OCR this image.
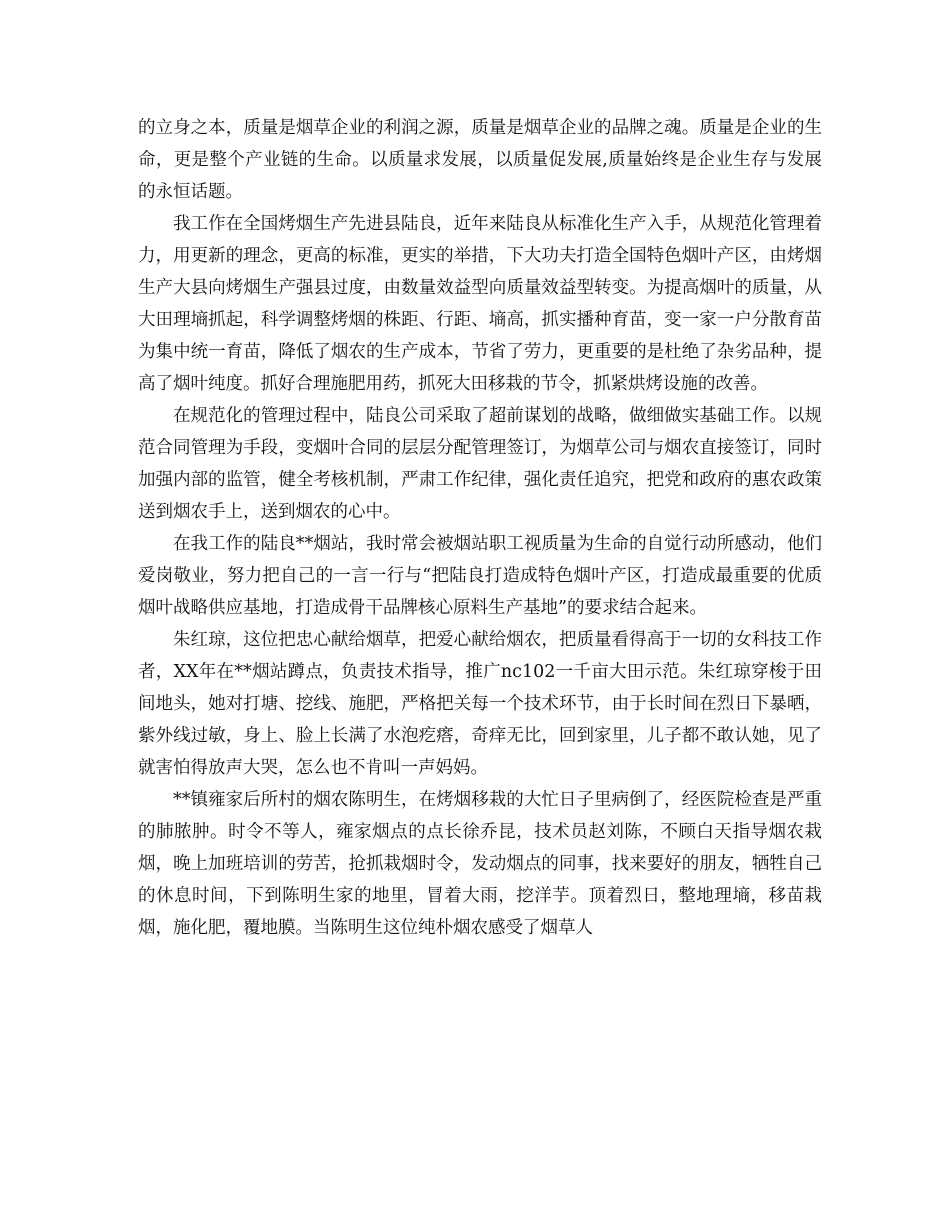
的立身之本，质量是烟草企业的利润之源，质量是烟草企业的品牌之魂。质量是企业的生命，更是整个产业链的生命。以质量求发展，以质量促发展,质量始终是企业生存与发展的永恒话题。

我工作在全国烤烟生产先进县陆良，近年来陆良从标准化生产入手，从规范化管理着力，用更新的理念，更高的标准，更实的举措，下大功夫打造全国特色烟叶产区，由烤烟生产大县向烤烟生产强县过度，由数量效益型向质量效益型转变。为提高烟叶的质量，从大田理墒抓起，科学调整烤烟的株距、行距、墒高，抓实播种育苗，变一家一户分散育苗为集中统一育苗，降低了烟农的生产成本，节省了劳力，更重要的是杜绝了杂劣品种，提高了烟叶纯度。抓好合理施肥用药，抓死大田移栽的节令，抓紧烘烤设施的改善。

在规范化的管理过程中，陆良公司采取了超前谋划的战略，做细做实基础工作。以规范合同管理为手段，变烟叶合同的层层分配管理签订，为烟草公司与烟农直接签订，同时加强内部的监管，健全考核机制，严肃工作纪律，强化责任追究，把党和政府的惠农政策送到烟农手上，送到烟农的心中。

在我工作的陆良**烟站，我时常会被烟站职工视质量为生命的自觉行动所感动，他们爱岗敬业，努力把自己的一言一行与“把陆良打造成特色烟叶产区，打造成最重要的优质烟叶战略供应基地，打造成骨干品牌核心原料生产基地”的要求结合起来。

朱红琼，这位把忠心献给烟草，把爱心献给烟农，把质量看得高于一切的女科技工作者，XX年在**烟站蹲点，负责技术指导，推广nc102一千亩大田示范。朱红琼穿梭于田间地头，她对打塘、挖线、施肥，严格把关每一个技术环节，由于长时间在烈日下暴晒，紫外线过敏，身上、脸上长满了水泡疙瘩，奇痒无比，回到家里，儿子都不敢认她，见了就害怕得放声大哭，怎么也不肯叫一声妈妈。

**镇雍家后所村的烟农陈明生，在烤烟移栽的大忙日子里病倒了，经医院检查是严重的肺脓肿。时令不等人，雍家烟点的点长徐乔昆，技术员赵刘陈，不顾白天指导烟农栽烟，晚上加班培训的劳苦，抢抓栽烟时令，发动烟点的同事，找来要好的朋友，牺牲自己的休息时间，下到陈明生家的地里，冒着大雨，挖洋芋。顶着烈日，整地理墒，移苗栽烟，施化肥，覆地膜。当陈明生这位纯朴烟农感受了烟草人
